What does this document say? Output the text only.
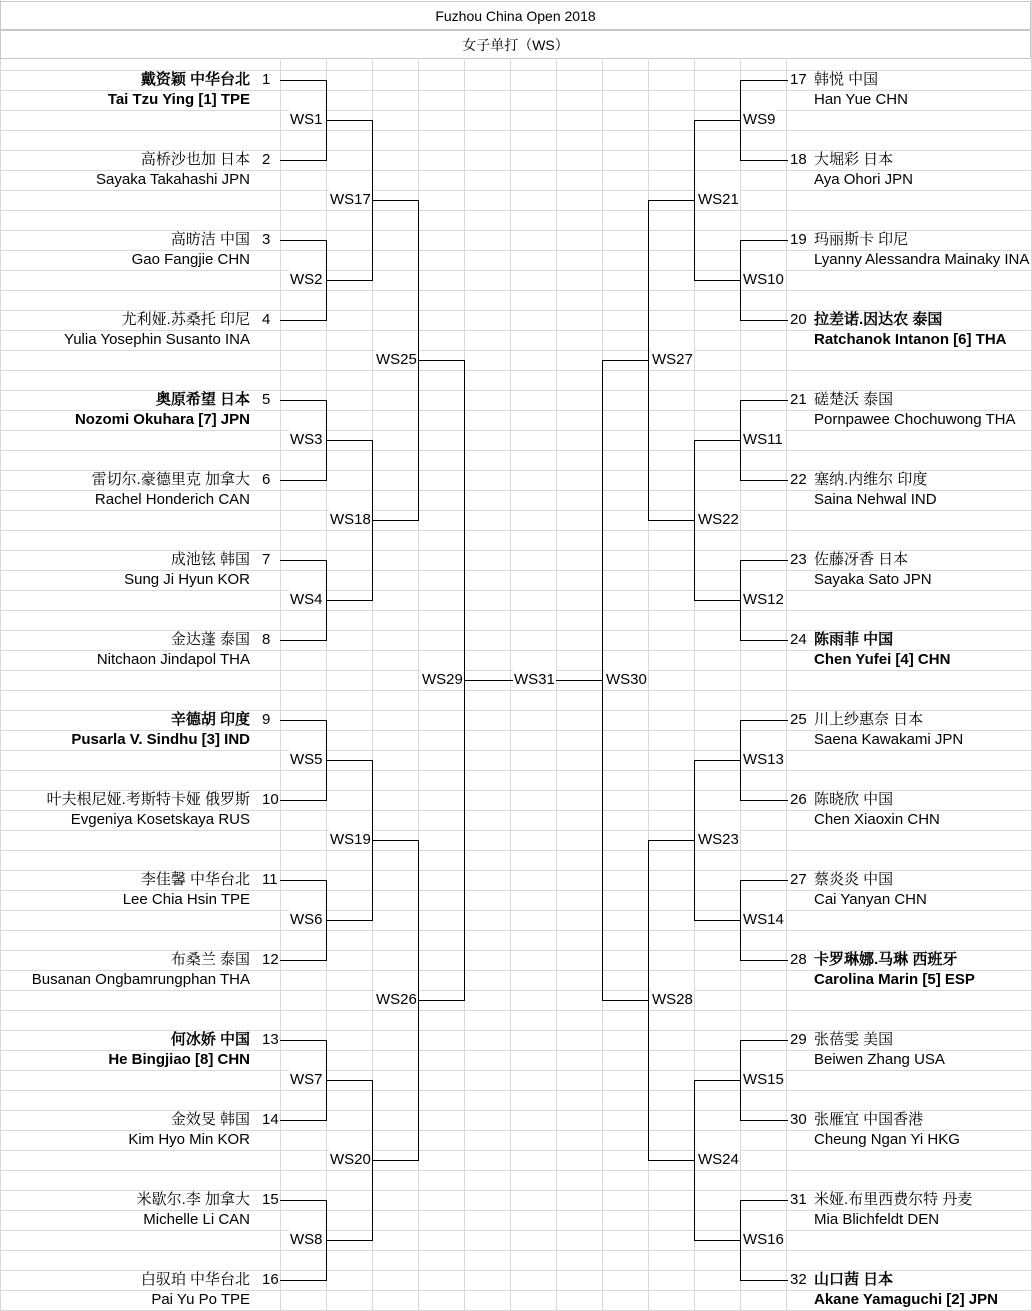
Fuzhou China Open 2018
女子单打（WS）
戴资颖 中华台北
Tai Tzu Ying [1] TPE
1	17 韩悦 中国
Han Yue CHN
高桥沙也加 日本
Sayaka Takahashi JPN
2	18 大堀彩 日本
Aya Ohori JPN
高昉洁 中国
Gao Fangjie CHN
3	19 玛丽斯卡 印尼
Lyanny Alessandra Mainaky INA
尤利娅.苏桑托 印尼
Yulia Yosephin Susanto INA
4	20 拉差诺.因达农 泰国
Ratchanok Intanon [6] THA
奥原希望 日本
Nozomi Okuhara [7] JPN
5	21 磋楚沃 泰国
Pornpawee Chochuwong THA
雷切尔.豪德里克 加拿大
Rachel Honderich CAN
6	22 塞纳.内维尔 印度
Saina Nehwal IND
成池铉 韩国
Sung Ji Hyun KOR
7	23 佐藤冴香 日本
Sayaka Sato JPN
金达蓬 泰国
Nitchaon Jindapol THA
8	24 陈雨菲 中国
Chen Yufei [4] CHN
辛德胡 印度
Pusarla V. Sindhu [3] IND
9	25 川上纱惠奈 日本
Saena Kawakami JPN
叶夫根尼娅.考斯特卡娅 俄罗斯
Evgeniya Kosetskaya RUS
10	26 陈晓欣 中国
Chen Xiaoxin CHN
李佳馨 中华台北
Lee Chia Hsin TPE
11	27 蔡炎炎 中国
Cai Yanyan CHN
布桑兰 泰国
Busanan Ongbamrungphan THA
12	28 卡罗琳娜.马琳 西班牙
Carolina Marin [5] ESP
何冰娇 中国
He Bingjiao [8] CHN
13	29 张蓓雯 美国
Beiwen Zhang USA
金效旻 韩国
Kim Hyo Min KOR
14	30 张雁宜 中国香港
Cheung Ngan Yi HKG
米歇尔.李 加拿大
Michelle Li CAN
15	31 米娅.布里西费尔特 丹麦
Mia Blichfeldt DEN
白驭珀 中华台北
Pai Yu Po TPE
16	32 山口茜 日本
Akane Yamaguchi [2] JPN
WS1	WS9
WS2	WS10
WS3	WS11
WS4	WS12
WS5	WS13
WS6	WS14
WS7	WS15
WS8	WS16
WS17	WS21
WS18	WS22
WS19	WS23
WS20	WS24
WS25	WS27
WS26	WS28
WS29	WS31	WS30
